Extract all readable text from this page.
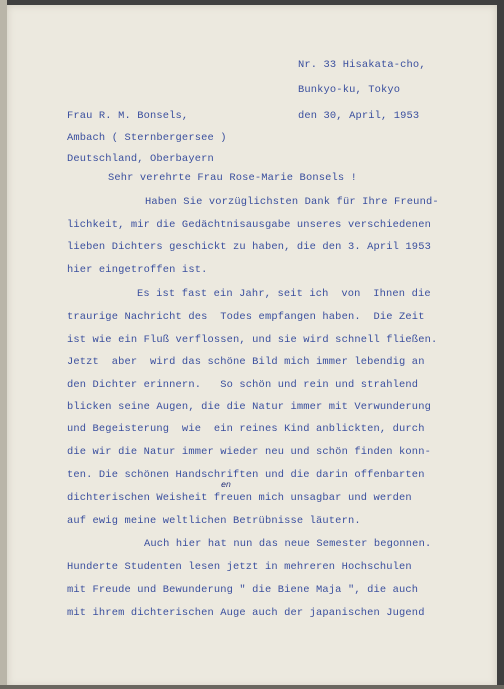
Nr. 33 Hisakata-cho,
Bunkyo-ku, Tokyo
Frau R. M. Bonsels,	den 30, April, 1953
Ambach ( Sternbergersee )
Deutschland, Oberbayern
Sehr verehrte Frau Rose-Marie Bonsels !
Haben Sie vorzüglichsten Dank für Ihre Freund-
lichkeit, mir die Gedächtnisausgabe unseres verschiedenen
lieben Dichters geschickt zu haben, die den 3. April 1953
hier eingetroffen ist.
Es ist fast ein Jahr, seit ich  von  Ihnen die
traurige Nachricht des  Todes empfangen haben.  Die Zeit
ist wie ein Fluß verflossen, und sie wird schnell fließen.
Jetzt  aber  wird das schöne Bild mich immer lebendig an
den Dichter erinnern.   So schön und rein und strahlend
blicken seine Augen, die die Natur immer mit Verwunderung
und Begeisterung  wie  ein reines Kind anblickten, durch
die wir die Natur immer wieder neu und schön finden konn-
ten. Die schönen Handschriften und die darin offenbarten
dichterischen Weisheit freuen mich unsagbar und werden
en
auf ewig meine weltlichen Betrübnisse läutern.
Auch hier hat nun das neue Semester begonnen.
Hunderte Studenten lesen jetzt in mehreren Hochschulen
mit Freude und Bewunderung " die Biene Maja ", die auch
mit ihrem dichterischen Auge auch der japanischen Jugend
